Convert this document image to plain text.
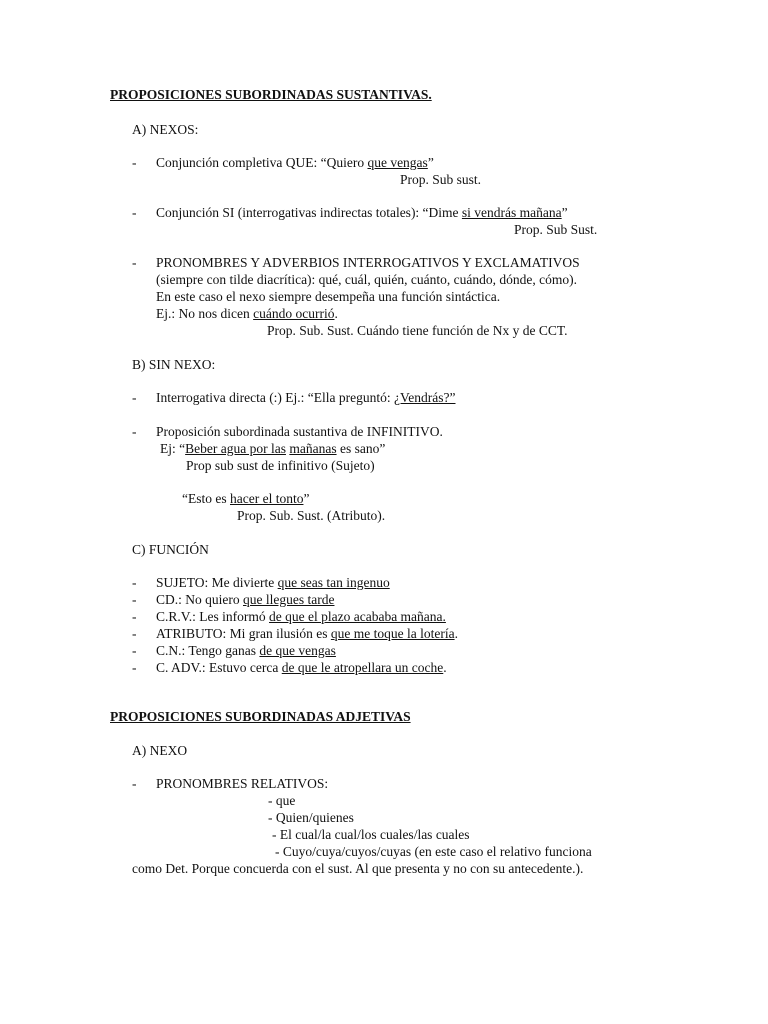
PROPOSICIONES SUBORDINADAS SUSTANTIVAS.
A) NEXOS:
- Conjunción completiva QUE: “Quiero que vengas”
Prop. Sub sust.
- Conjunción SI (interrogativas indirectas totales): “Dime si vendrás mañana”
Prop. Sub Sust.
- PRONOMBRES Y ADVERBIOS INTERROGATIVOS Y EXCLAMATIVOS
(siempre con tilde diacrítica): qué, cuál, quién, cuánto, cuándo, dónde, cómo).
En este caso el nexo siempre desempeña una función sintáctica.
Ej.: No nos dicen cuándo ocurrió.
Prop. Sub. Sust. Cuándo tiene función de Nx y de CCT.
B) SIN NEXO:
- Interrogativa directa (:) Ej.: “Ella preguntó: ¿Vendrás?”
- Proposición subordinada sustantiva de INFINITIVO.
Ej: “Beber agua por las mañanas es sano”
Prop sub sust de infinitivo (Sujeto)
“Esto es hacer el tonto”
Prop. Sub. Sust. (Atributo).
C) FUNCIÓN
- SUJETO: Me divierte que seas tan ingenuo
- CD.: No quiero que llegues tarde
- C.R.V.: Les informó de que el plazo acababa mañana.
- ATRIBUTO: Mi gran ilusión es que me toque la lotería.
- C.N.: Tengo ganas de que vengas
- C. ADV.: Estuvo cerca de que le atropellara un coche.
PROPOSICIONES SUBORDINADAS ADJETIVAS
A) NEXO
- PRONOMBRES RELATIVOS:
- que
- Quien/quienes
- El cual/la cual/los cuales/las cuales
- Cuyo/cuya/cuyos/cuyas (en este caso el relativo funciona
como Det. Porque concuerda con el sust. Al que presenta y no con su antecedente.).
